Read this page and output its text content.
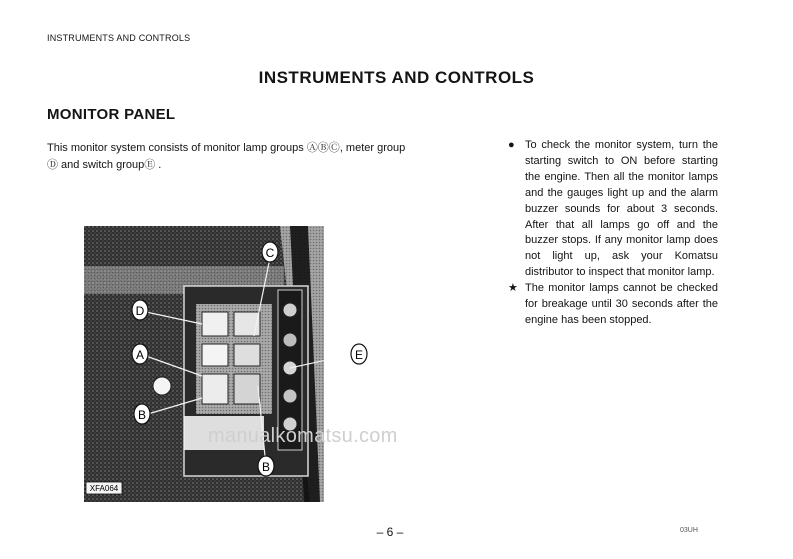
INSTRUMENTS AND CONTROLS
INSTRUMENTS AND CONTROLS
MONITOR PANEL
This monitor system consists of monitor lamp groups ⒶⒷⒸ, meter group
Ⓓ and switch groupⒺ .
● To check the monitor system, turn the starting switch to ON before starting the engine. Then all the monitor lamps and the gauges light up and the alarm buzzer sounds for about 3 seconds. After that all lamps go off and the buzzer stops. If any monitor lamp does not light up, ask your Komatsu distributor to inspect that monitor lamp.
★ The monitor lamps cannot be checked for breakage until 30 seconds after the engine has been stopped.
C
D
A
B
B
XFA064
E
manualkomatsu.com
– 6 –	03UH
